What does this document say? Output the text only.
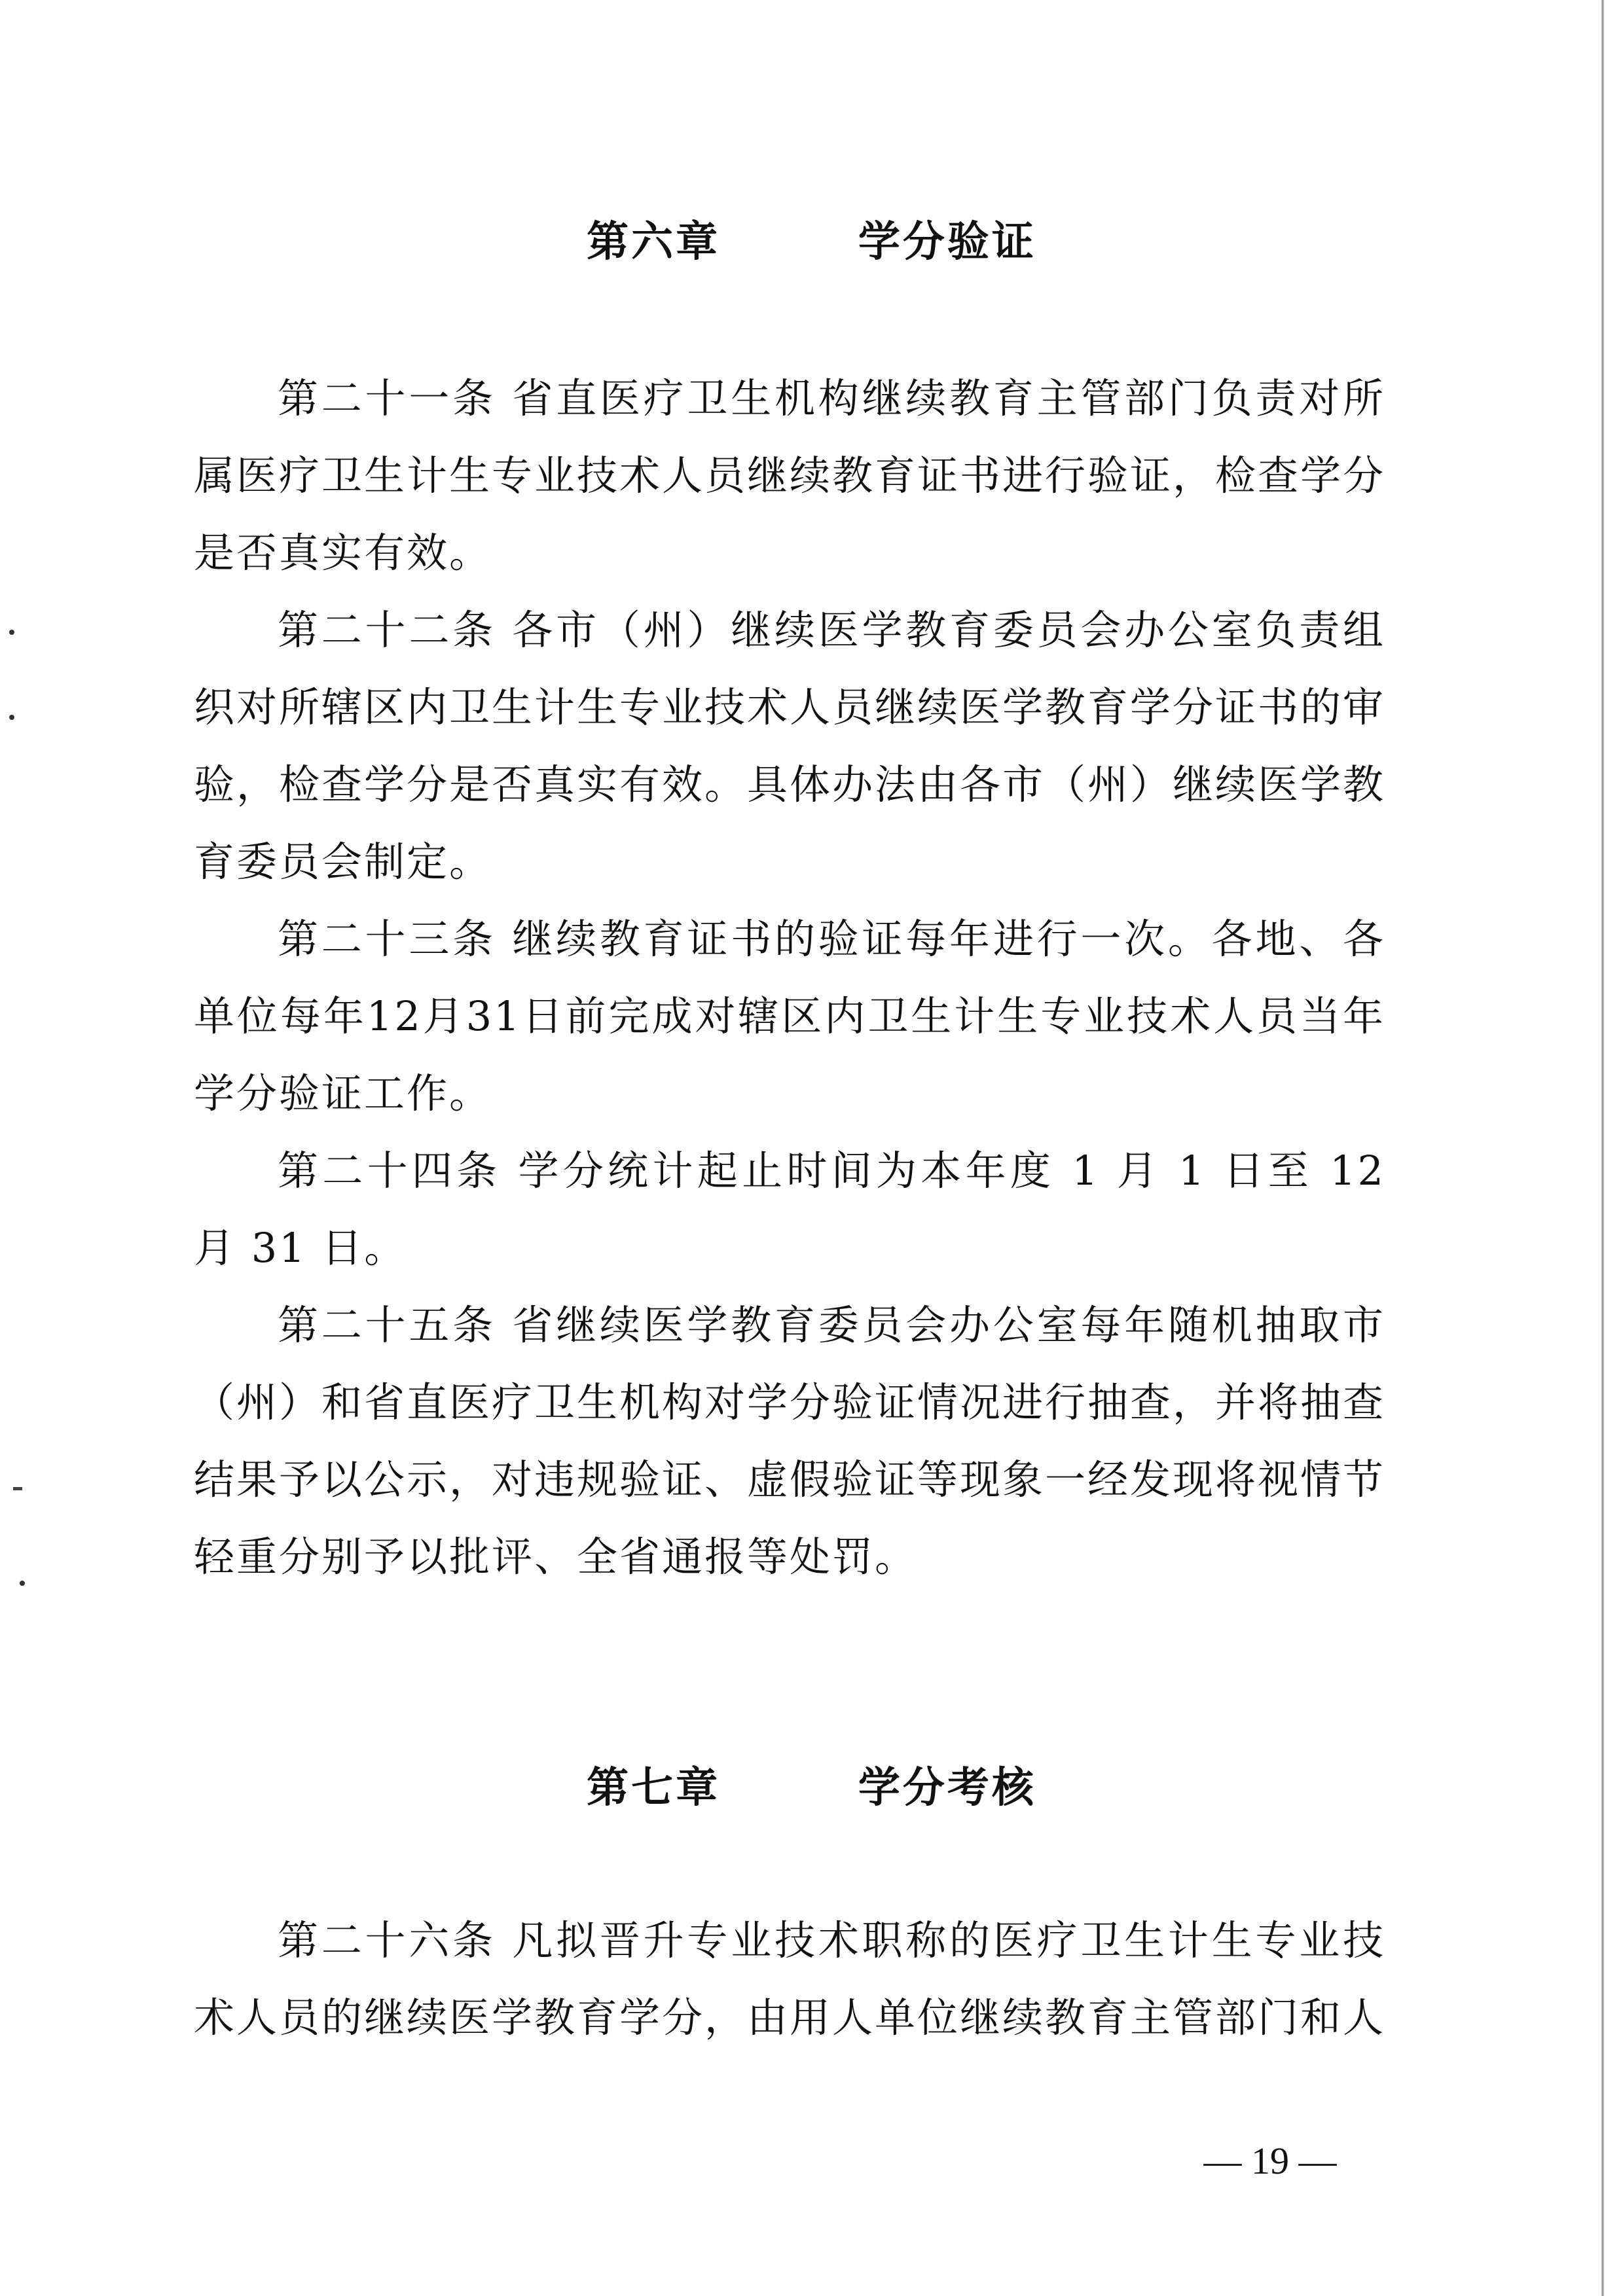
第六章   学分验证

第二十一条 省直医疗卫生机构继续教育主管部门负责对所属医疗卫生计生专业技术人员继续教育证书进行验证，检查学分是否真实有效。

第二十二条 各市（州）继续医学教育委员会办公室负责组织对所辖区内卫生计生专业技术人员继续医学教育学分证书的审验，检查学分是否真实有效。具体办法由各市（州）继续医学教育委员会制定。

第二十三条 继续教育证书的验证每年进行一次。各地、各单位每年12月31日前完成对辖区内卫生计生专业技术人员当年学分验证工作。

第二十四条 学分统计起止时间为本年度 1 月 1 日至 12 月 31 日。

第二十五条 省继续医学教育委员会办公室每年随机抽取市（州）和省直医疗卫生机构对学分验证情况进行抽查，并将抽查结果予以公示，对违规验证、虚假验证等现象一经发现将视情节轻重分别予以批评、全省通报等处罚。

第七章   学分考核

第二十六条 凡拟晋升专业技术职称的医疗卫生计生专业技术人员的继续医学教育学分，由用人单位继续教育主管部门和人

— 19 —
